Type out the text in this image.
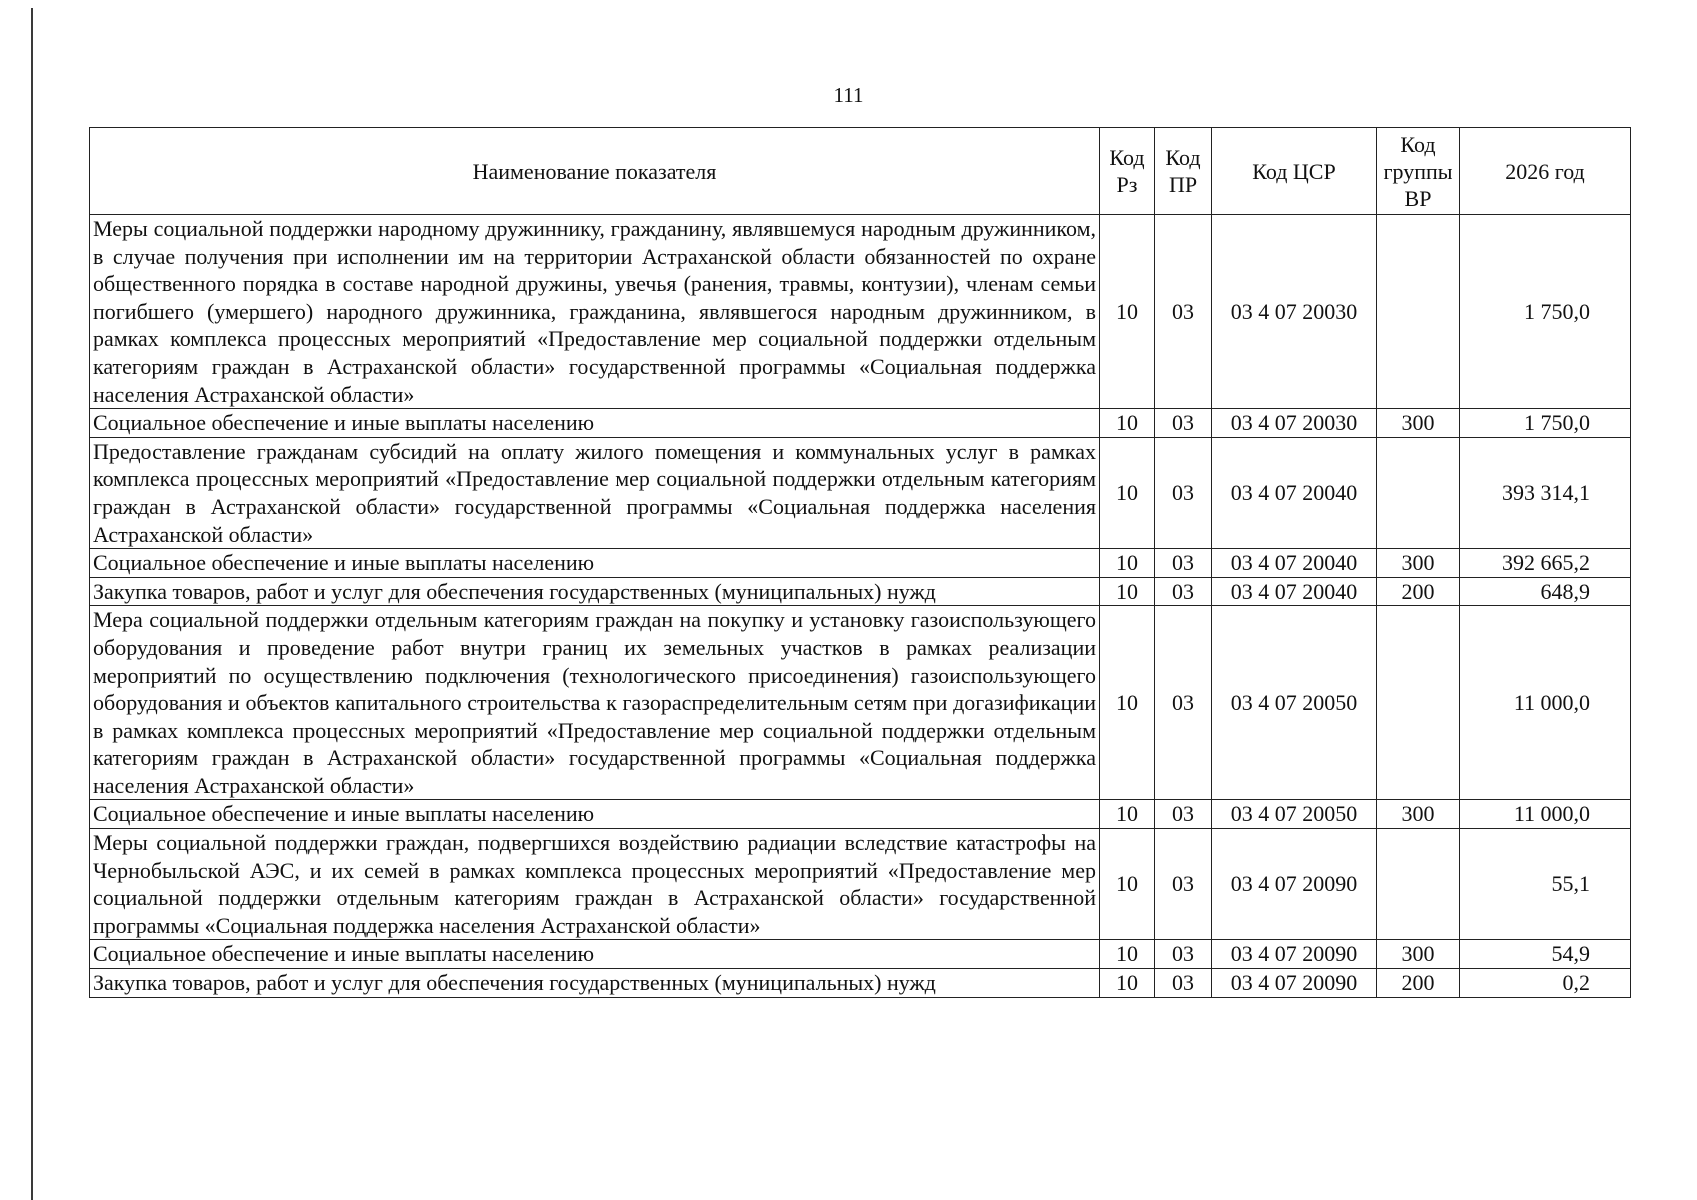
111
Наименование показателя	Код Рз	Код ПР	Код ЦСР	Код группы ВР	2026 год
Меры социальной поддержки народному дружиннику, гражданину, являвшемуся народным дружинником, в случае получения при исполнении им на территории Астраханской области обязанностей по охране общественного порядка в составе народной дружины, увечья (ранения, травмы, контузии), членам семьи погибшего (умершего) народного дружинника, гражданина, являвшегося народным дружинником, в рамках комплекса процессных мероприятий «Предоставление мер социальной поддержки отдельным категориям граждан в Астраханской области» государственной программы «Социальная поддержка населения Астраханской области»	10	03	03 4 07 20030		1 750,0
Социальное обеспечение и иные выплаты населению	10	03	03 4 07 20030	300	1 750,0
Предоставление гражданам субсидий на оплату жилого помещения и коммунальных услуг в рамках комплекса процессных мероприятий «Предоставление мер социальной поддержки отдельным категориям граждан в Астраханской области» государственной программы «Социальная поддержка населения Астраханской области»	10	03	03 4 07 20040		393 314,1
Социальное обеспечение и иные выплаты населению	10	03	03 4 07 20040	300	392 665,2
Закупка товаров, работ и услуг для обеспечения государственных (муниципальных) нужд	10	03	03 4 07 20040	200	648,9
Мера социальной поддержки отдельным категориям граждан на покупку и установку газоиспользующего оборудования и проведение работ внутри границ их земельных участков в рамках реализации мероприятий по осуществлению подключения (технологического присоединения) газоиспользующего оборудования и объектов капитального строительства к газораспределительным сетям при догазификации в рамках комплекса процессных мероприятий «Предоставление мер социальной поддержки отдельным категориям граждан в Астраханской области» государственной программы «Социальная поддержка населения Астраханской области»	10	03	03 4 07 20050		11 000,0
Социальное обеспечение и иные выплаты населению	10	03	03 4 07 20050	300	11 000,0
Меры социальной поддержки граждан, подвергшихся воздействию радиации вследствие катастрофы на Чернобыльской АЭС, и их семей в рамках комплекса процессных мероприятий «Предоставление мер социальной поддержки отдельным категориям граждан в Астраханской области» государственной программы «Социальная поддержка населения Астраханской области»	10	03	03 4 07 20090		55,1
Социальное обеспечение и иные выплаты населению	10	03	03 4 07 20090	300	54,9
Закупка товаров, работ и услуг для обеспечения государственных (муниципальных) нужд	10	03	03 4 07 20090	200	0,2
